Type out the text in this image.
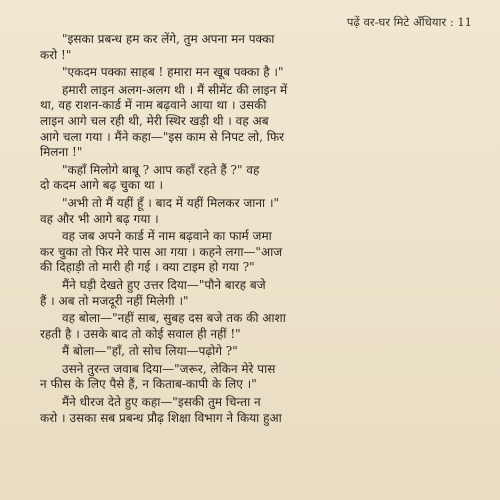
पढ़ें वर-घर मिटे अँधियार : 11
"इसका प्रबन्ध हम कर लेंगे, तुम अपना मन पक्का
करो !"
"एकदम पक्का साहब ! हमारा मन खूब पक्का है ।"
हमारी लाइन अलग-अलग थी । मैं सीमेंट की लाइन में
था, वह राशन-कार्ड में नाम बढ़वाने आया था । उसकी
लाइन आगे चल रही थी, मेरी स्थिर खड़ी थी । वह अब
आगे चला गया । मैंने कहा—"इस काम से निपट लो, फिर
मिलना !"
"कहाँ मिलोगे बाबू ? आप कहाँ रहते हैं ?" वह
दो कदम आगे बढ़ चुका था ।
"अभी तो मैं यहीं हूँ । बाद में यहीं मिलकर जाना ।"
वह और भी आगे बढ़ गया ।
वह जब अपने कार्ड में नाम बढ़वाने का फार्म जमा
कर चुका तो फिर मेरे पास आ गया । कहने लगा—"आज
की दिहाड़ी तो मारी ही गई । क्या टाइम हो गया ?"
मैंने घड़ी देखते हुए उत्तर दिया—"पौने बारह बजे
हैं । अब तो मजदूरी नहीं मिलेगी ।"
वह बोला—"नहीं साब, सुबह दस बजे तक की आशा
रहती है । उसके बाद तो कोई सवाल ही नहीं !"
मैं बोला—"हाँ, तो सोच लिया—पढ़ोगे ?"
उसने तुरन्त जवाब दिया—"जरूर, लेकिन मेरे पास
न फीस के लिए पैसे हैं, न किताब-कापी के लिए ।"
मैंने धीरज देते हुए कहा—"इसकी तुम चिन्ता न
करो । उसका सब प्रबन्ध प्रौढ़ शिक्षा विभाग ने किया हुआ
